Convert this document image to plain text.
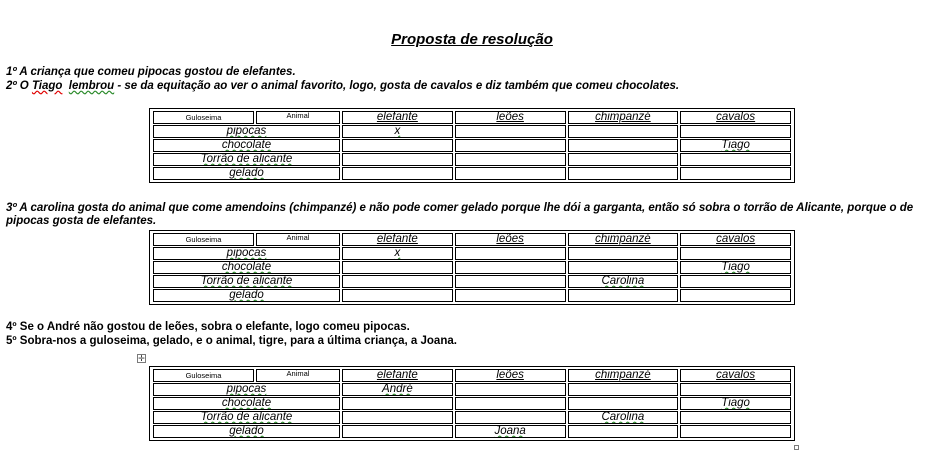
Proposta de resolução
1º A criança que comeu pipocas gostou de elefantes.
2º O Tiago lembrou - se da equitação ao ver o animal favorito, logo, gosta de cavalos e diz também que comeu chocolates.
Guloseima	Animal	elefante	leões	chimpanzé	cavalos
pipocas		x			
chocolate					Tiago
Torrão de alicante					
gelado					
3º A carolina gosta do animal que come amendoins (chimpanzé) e não pode comer gelado porque lhe dói a garganta, então só sobra o torrão de Alicante, porque o de pipocas gosta de elefantes.
Guloseima	Animal	elefante	leões	chimpanzé	cavalos
pipocas		x			
chocolate					Tiago
Torrão de alicante				Carolina	
gelado					
4º Se o André não gostou de leões, sobra o elefante, logo comeu pipocas.
5º Sobra-nos a guloseima, gelado, e o animal, tigre, para a última criança, a Joana.
✛
Guloseima	Animal	elefante	leões	chimpanzé	cavalos
pipocas		André			
chocolate					Tiago
Torrão de alicante				Carolina	
gelado			Joana		
